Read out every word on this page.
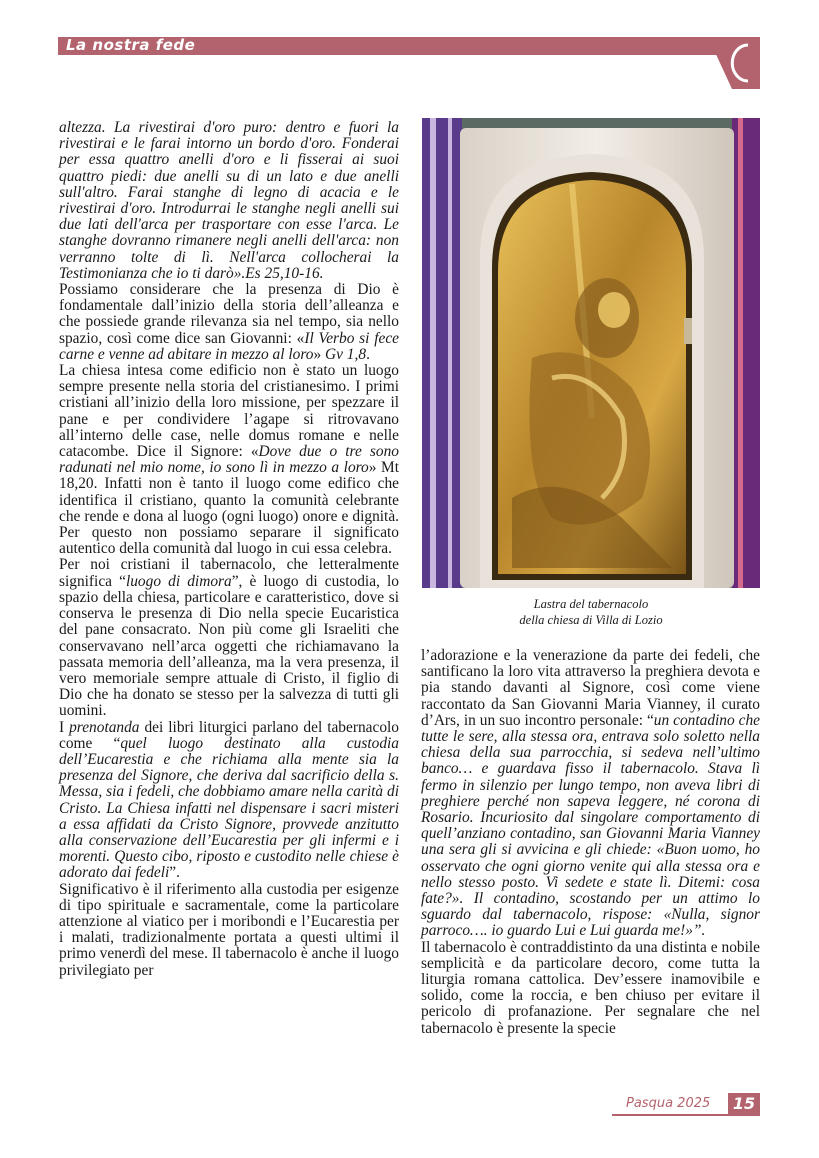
La nostra fede

altezza. La rivestirai d'oro puro: dentro e fuori la rivestirai e le farai intorno un bordo d'oro. Fonderai per essa quattro anelli d'oro e li fisserai ai suoi quattro piedi: due anelli su di un lato e due anelli sull'altro. Farai stanghe di legno di acacia e le rivestirai d'oro. Introdurrai le stanghe negli anelli sui due lati dell'arca per trasportare con esse l'arca. Le stanghe dovranno rimanere negli anelli dell'arca: non verranno tolte di lì. Nell'arca collocherai la Testimonianza che io ti darò».Es 25,10-16.

Possiamo considerare che la presenza di Dio è fondamentale dall’inizio della storia dell’alleanza e che possiede grande rilevanza sia nel tempo, sia nello spazio, così come dice san Giovanni: «Il Verbo si fece carne e venne ad abitare in mezzo al loro» Gv 1,8.

La chiesa intesa come edificio non è stato un luogo sempre presente nella storia del cristianesimo. I primi cristiani all’inizio della loro missione, per spezzare il pane e per condividere l’agape si ritrovavano all’interno delle case, nelle domus romane e nelle catacombe. Dice il Signore: «Dove due o tre sono radunati nel mio nome, io sono lì in mezzo a loro» Mt 18,20. Infatti non è tanto il luogo come edifico che identifica il cristiano, quanto la comunità celebrante che rende e dona al luogo (ogni luogo) onore e dignità. Per questo non possiamo separare il significato autentico della comunità dal luogo in cui essa celebra.

Per noi cristiani il tabernacolo, che letteralmente significa “luogo di dimora”, è luogo di custodia, lo spazio della chiesa, particolare e caratteristico, dove si conserva le presenza di Dio nella specie Eucaristica del pane consacrato. Non più come gli Israeliti che conservavano nell’arca oggetti che richiamavano la passata memoria dell’alleanza, ma la vera presenza, il vero memoriale sempre attuale di Cristo, il figlio di Dio che ha donato se stesso per la salvezza di tutti gli uomini.

I prenotanda dei libri liturgici parlano del tabernacolo come “quel luogo destinato alla custodia dell’Eucarestia e che richiama alla mente sia la presenza del Signore, che deriva dal sacrificio della s. Messa, sia i fedeli, che dobbiamo amare nella carità di Cristo. La Chiesa infatti nel dispensare i sacri misteri a essa affidati da Cristo Signore, provvede anzitutto alla conservazione dell’Eucarestia per gli infermi e i morenti. Questo cibo, riposto e custodito nelle chiese è adorato dai fedeli”.

Significativo è il riferimento alla custodia per esigenze di tipo spirituale e sacramentale, come la particolare attenzione al viatico per i moribondi e l’Eucarestia per i malati, tradizionalmente portata a questi ultimi il primo venerdì del mese. Il tabernacolo è anche il luogo privilegiato per

Lastra del tabernacolo
della chiesa di Villa di Lozio

l’adorazione e la venerazione da parte dei fedeli, che santificano la loro vita attraverso la preghiera devota e pia stando davanti al Signore, così come viene raccontato da San Giovanni Maria Vianney, il curato d’Ars, in un suo incontro personale: “un contadino che tutte le sere, alla stessa ora, entrava solo soletto nella chiesa della sua parrocchia, si sedeva nell’ultimo banco… e guardava fisso il tabernacolo. Stava lì fermo in silenzio per lungo tempo, non aveva libri di preghiere perché non sapeva leggere, né corona di Rosario. Incuriosito dal singolare comportamento di quell’anziano contadino, san Giovanni Maria Vianney una sera gli si avvicina e gli chiede: «Buon uomo, ho osservato che ogni giorno venite qui alla stessa ora e nello stesso posto. Vi sedete e state lì. Ditemi: cosa fate?». Il contadino, scostando per un attimo lo sguardo dal tabernacolo, rispose: «Nulla, signor parroco…. io guardo Lui e Lui guarda me!»”.

Il tabernacolo è contraddistinto da una distinta e nobile semplicità e da particolare decoro, come tutta la liturgia romana cattolica. Dev’essere inamovibile e solido, come la roccia, e ben chiuso per evitare il pericolo di profanazione. Per segnalare che nel tabernacolo è presente la specie

Pasqua 2025	15
